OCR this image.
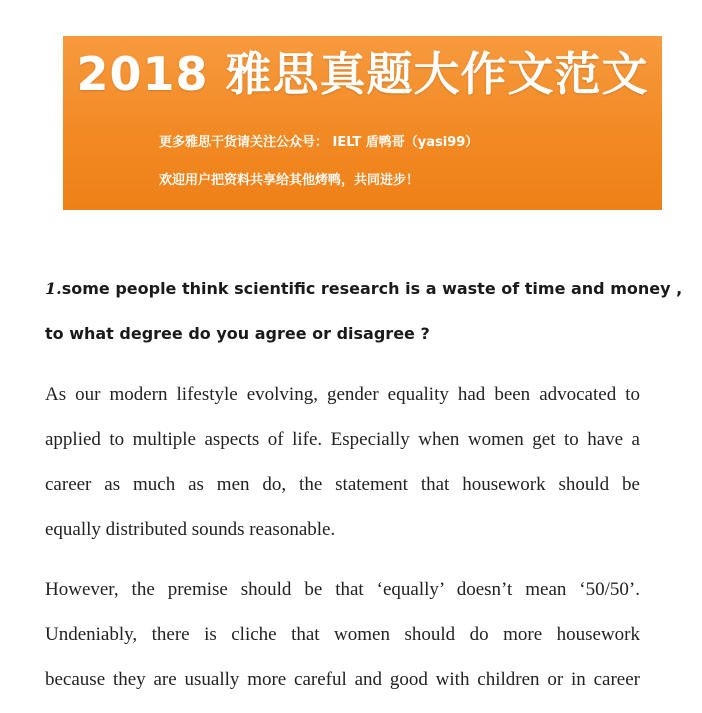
2018 雅思真题大作文范文
更多雅思干货请关注公众号： IELT 盾鸭哥（yasi99）
欢迎用户把资料共享给其他烤鸭，共同进步！
1.some people think scientific research is a waste of time and money ,
to what degree do you agree or disagree ?
As our modern lifestyle evolving, gender equality had been advocated to
applied to multiple aspects of life. Especially when women get to have a
career as much as men do, the statement that housework should be
equally distributed sounds reasonable.
However, the premise should be that ‘equally’ doesn’t mean ‘50/50’.
Undeniably, there is cliche that women should do more housework
because they are usually more careful and good with children or in career
